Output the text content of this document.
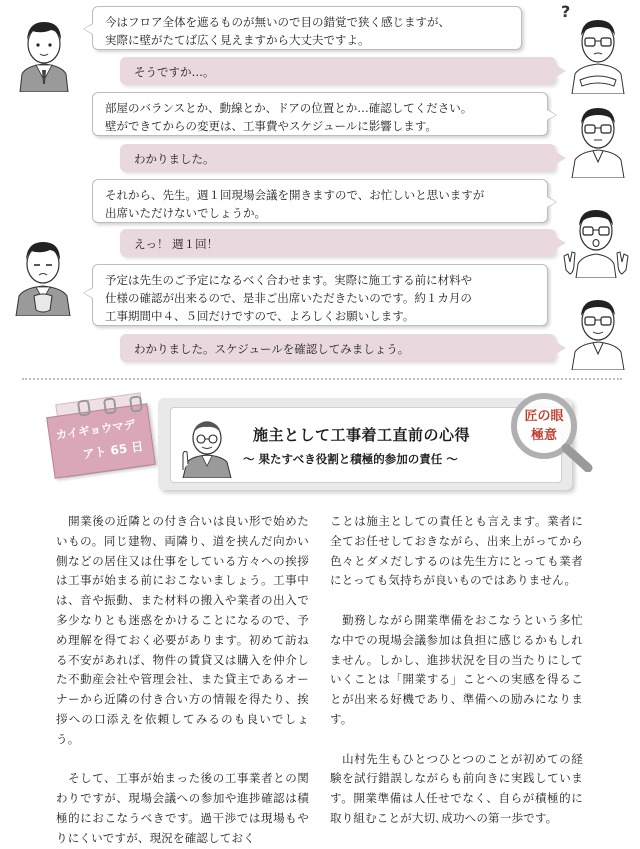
?
今はフロア全体を遮るものが無いので目の錯覚で狭く感じますが、
実際に壁がたてば広く見えますから大丈夫ですよ。
そうですか…。
部屋のバランスとか、動線とか、ドアの位置とか…確認してください。
壁ができてからの変更は、工事費やスケジュールに影響します。
わかりました。
それから、先生。週１回現場会議を開きますので、お忙しいと思いますが
出席いただけないでしょうか。
えっ！ 週１回！
予定は先生のご予定になるべく合わせます。実際に施工する前に材料や
仕様の確認が出来るので、是非ご出席いただきたいのです。約１カ月の
工事期間中４、５回だけですので、よろしくお願いします。
わかりました。スケジュールを確認してみましょう。
カイギョウマデ
アト 65 日
施主として工事着工直前の心得
～ 果たすべき役割と積極的参加の責任 ～
匠の眼
極意
　開業後の近隣との付き合いは良い形で始めたいもの。同じ建物、両隣り、道を挟んだ向かい側などの居住又は仕事をしている方々への挨拶は工事が始まる前におこないましょう。工事中は、音や振動、また材料の搬入や業者の出入で多少なりとも迷惑をかけることになるので、予め理解を得ておく必要があります。初めて訪ねる不安があれば、物件の賃貸又は購入を仲介した不動産会社や管理会社、また貸主であるオーナーから近隣の付き合い方の情報を得たり、挨拶への口添えを依頼してみるのも良いでしょう。

　そして、工事が始まった後の工事業者との関わりですが、現場会議への参加や進捗確認は積極的におこなうべきです。過干渉では現場もやりにくいですが、現況を確認しておく
ことは施主としての責任とも言えます。業者に全てお任せしておきながら、出来上がってから色々とダメだしするのは先生方にとっても業者にとっても気持ちが良いものではありません。

　勤務しながら開業準備をおこなうという多忙な中での現場会議参加は負担に感じるかもしれません。しかし、進捗状況を目の当たりにしていくことは「開業する」ことへの実感を得ることが出来る好機であり、準備への励みになります。

　山村先生もひとつひとつのことが初めての経験を試行錯誤しながらも前向きに実践しています。開業準備は人任せでなく、自らが積極的に取り組むことが大切､成功への第一歩です。
